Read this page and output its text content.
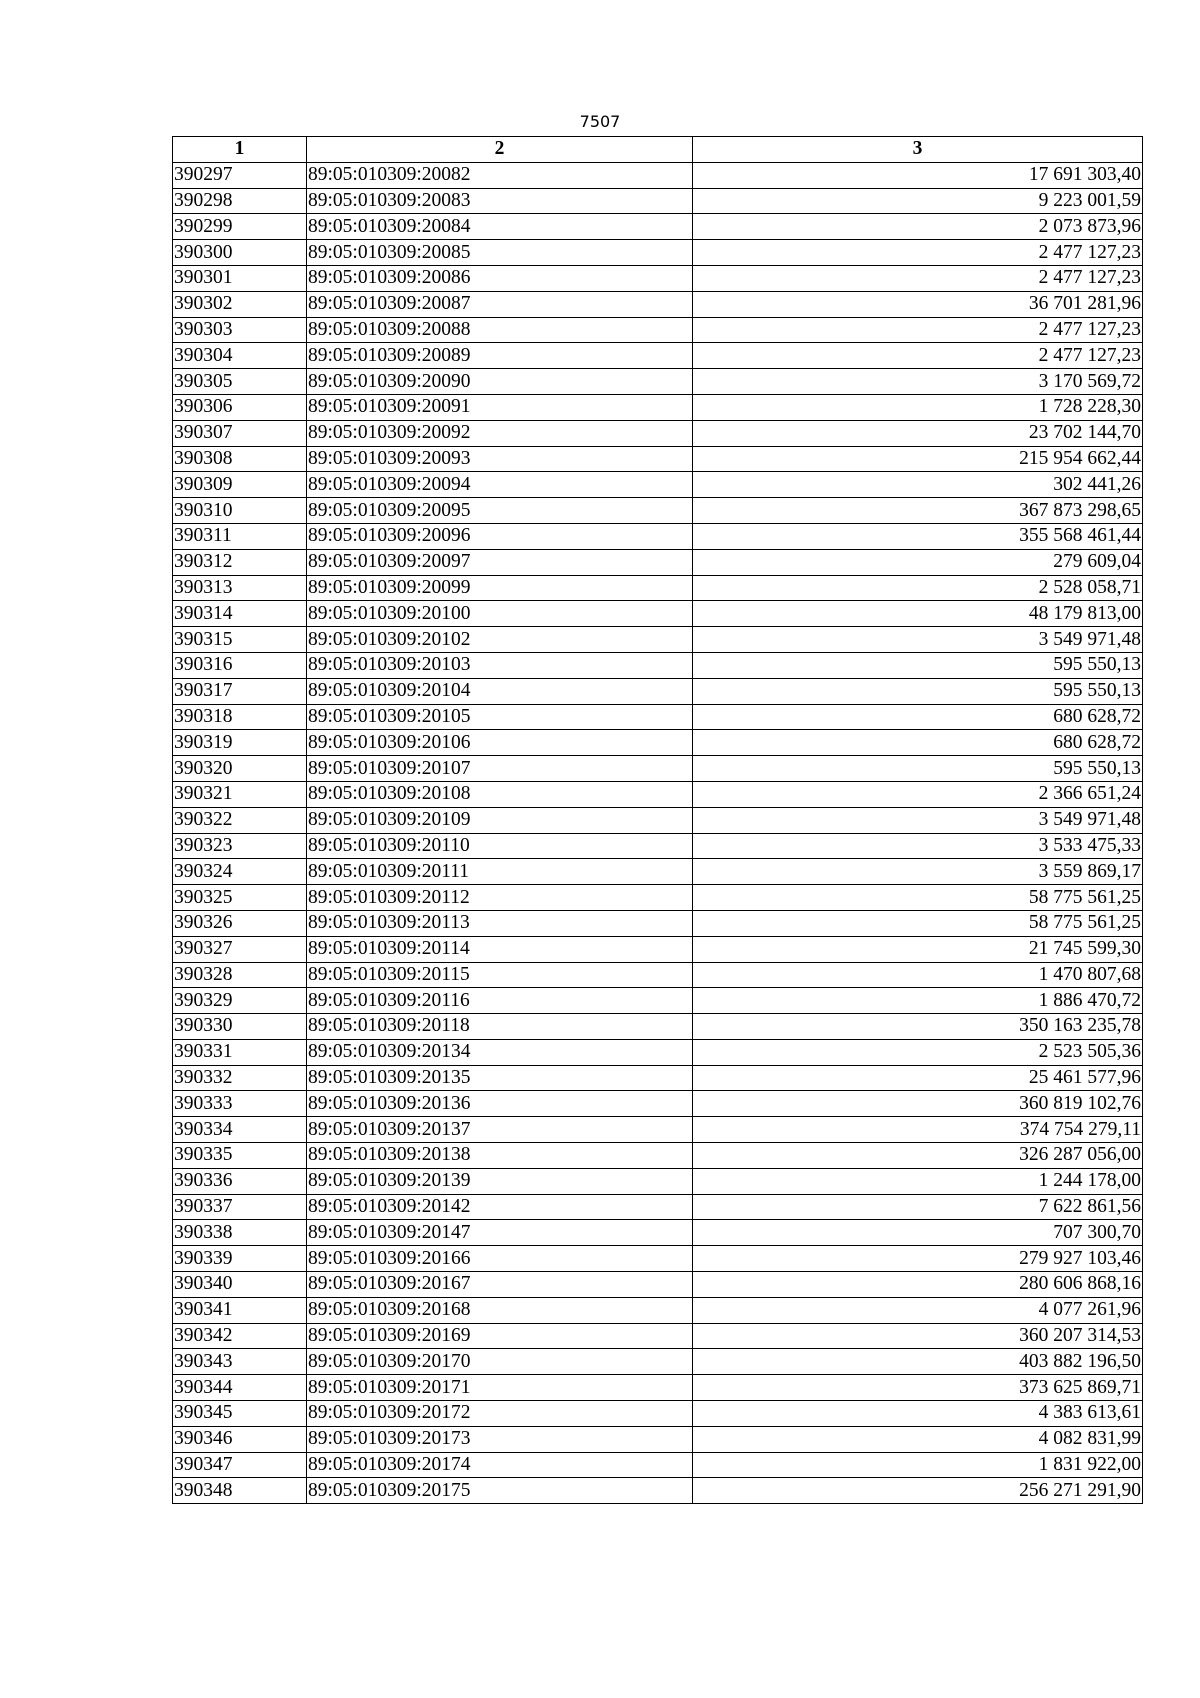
7507
1	2	3
390297	89:05:010309:20082	17 691 303,40
390298	89:05:010309:20083	9 223 001,59
390299	89:05:010309:20084	2 073 873,96
390300	89:05:010309:20085	2 477 127,23
390301	89:05:010309:20086	2 477 127,23
390302	89:05:010309:20087	36 701 281,96
390303	89:05:010309:20088	2 477 127,23
390304	89:05:010309:20089	2 477 127,23
390305	89:05:010309:20090	3 170 569,72
390306	89:05:010309:20091	1 728 228,30
390307	89:05:010309:20092	23 702 144,70
390308	89:05:010309:20093	215 954 662,44
390309	89:05:010309:20094	302 441,26
390310	89:05:010309:20095	367 873 298,65
390311	89:05:010309:20096	355 568 461,44
390312	89:05:010309:20097	279 609,04
390313	89:05:010309:20099	2 528 058,71
390314	89:05:010309:20100	48 179 813,00
390315	89:05:010309:20102	3 549 971,48
390316	89:05:010309:20103	595 550,13
390317	89:05:010309:20104	595 550,13
390318	89:05:010309:20105	680 628,72
390319	89:05:010309:20106	680 628,72
390320	89:05:010309:20107	595 550,13
390321	89:05:010309:20108	2 366 651,24
390322	89:05:010309:20109	3 549 971,48
390323	89:05:010309:20110	3 533 475,33
390324	89:05:010309:20111	3 559 869,17
390325	89:05:010309:20112	58 775 561,25
390326	89:05:010309:20113	58 775 561,25
390327	89:05:010309:20114	21 745 599,30
390328	89:05:010309:20115	1 470 807,68
390329	89:05:010309:20116	1 886 470,72
390330	89:05:010309:20118	350 163 235,78
390331	89:05:010309:20134	2 523 505,36
390332	89:05:010309:20135	25 461 577,96
390333	89:05:010309:20136	360 819 102,76
390334	89:05:010309:20137	374 754 279,11
390335	89:05:010309:20138	326 287 056,00
390336	89:05:010309:20139	1 244 178,00
390337	89:05:010309:20142	7 622 861,56
390338	89:05:010309:20147	707 300,70
390339	89:05:010309:20166	279 927 103,46
390340	89:05:010309:20167	280 606 868,16
390341	89:05:010309:20168	4 077 261,96
390342	89:05:010309:20169	360 207 314,53
390343	89:05:010309:20170	403 882 196,50
390344	89:05:010309:20171	373 625 869,71
390345	89:05:010309:20172	4 383 613,61
390346	89:05:010309:20173	4 082 831,99
390347	89:05:010309:20174	1 831 922,00
390348	89:05:010309:20175	256 271 291,90
